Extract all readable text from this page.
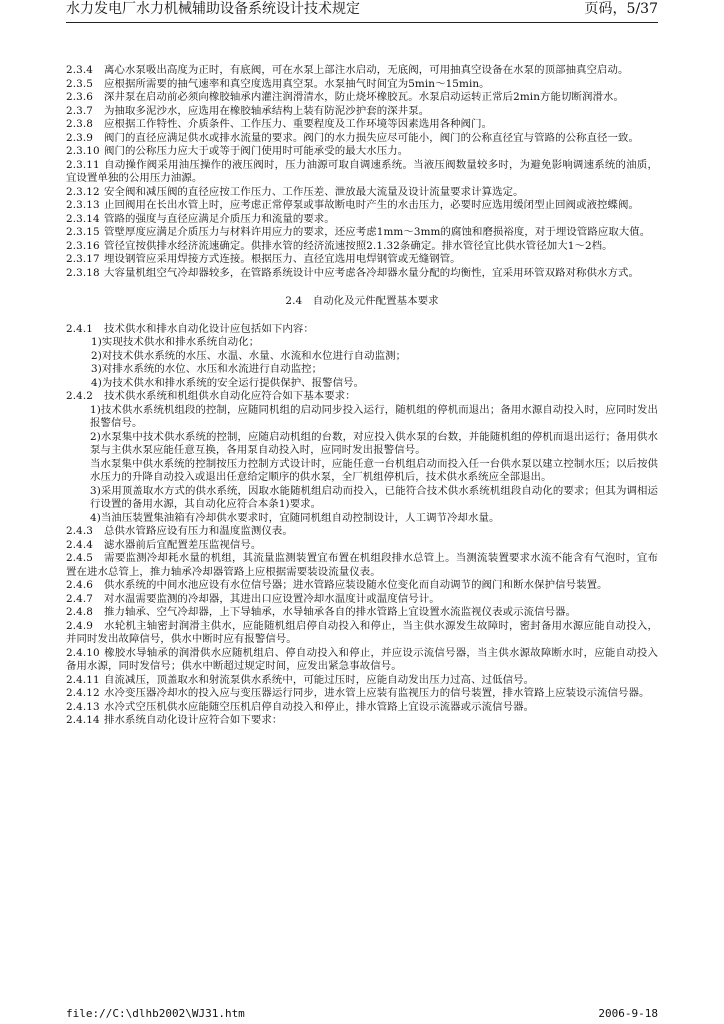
水力发电厂水力机械辅助设备系统设计技术规定	页码，5/37

2.3.4 离心水泵吸出高度为正时，有底阀，可在水泵上部注水启动，无底阀，可用抽真空设备在水泵的顶部抽真空启动。

2.3.5 应根据所需要的抽气速率和真空度选用真空泵。水泵抽气时间宜为5min～15min。

2.3.6 深井泵在启动前必须向橡胶轴承内灌注润滑清水，防止烧坏橡胶瓦。水泵启动运转正常后2min方能切断润滑水。

2.3.7 为抽取多泥沙水，应选用在橡胶轴承结构上装有防泥沙护套的深井泵。

2.3.8 应根据工作特性、介质条件、工作压力、重要程度及工作环境等因素选用各种阀门。

2.3.9 阀门的直径应满足供水或排水流量的要求。阀门的水力损失应尽可能小，阀门的公称直径宜与管路的公称直径一致。

2.3.10 阀门的公称压力应大于或等于阀门使用时可能承受的最大水压力。

2.3.11 自动操作阀采用油压操作的液压阀时，压力油源可取自调速系统。当液压阀数量较多时，为避免影响调速系统的油质，宜设置单独的公用压力油源。

2.3.12 安全阀和减压阀的直径应按工作压力、工作压差、泄放最大流量及设计流量要求计算选定。

2.3.13 止回阀用在长出水管上时，应考虑正常停泵或事故断电时产生的水击压力，必要时应选用缓闭型止回阀或液控蝶阀。

2.3.14 管路的强度与直径应满足介质压力和流量的要求。

2.3.15 管壁厚度应满足介质压力与材料许用应力的要求，还应考虑1mm～3mm的腐蚀和磨损裕度，对于埋设管路应取大值。

2.3.16 管径宜按供排水经济流速确定。供排水管的经济流速按照2.1.32条确定。排水管径宜比供水管径加大1～2档。

2.3.17 埋设钢管应采用焊接方式连接。根据压力、直径宜选用电焊钢管或无缝钢管。

2.3.18 大容量机组空气冷却器较多，在管路系统设计中应考虑各冷却器水量分配的均衡性，宜采用环管双路对称供水方式。

2.4　自动化及元件配置基本要求

2.4.1 技术供水和排水自动化设计应包括如下内容：

1)实现技术供水和排水系统自动化；

2)对技术供水系统的水压、水温、水量、水流和水位进行自动监测；

3)对排水系统的水位、水压和水流进行自动监控；

4)为技术供水和排水系统的安全运行提供保护、报警信号。

2.4.2 技术供水系统和机组供水自动化应符合如下基本要求：

1)技术供水系统机组段的控制，应随同机组的启动同步投入运行，随机组的停机而退出；备用水源自动投入时，应同时发出报警信号。

2)水泵集中技术供水系统的控制，应随启动机组的台数，对应投入供水泵的台数，并能随机组的停机而退出运行；备用供水泵与主供水泵应能任意互换，各用泵自动投入时，应同时发出报警信号。

当水泵集中供水系统的控制按压力控制方式设计时，应能任意一台机组启动而投入任一台供水泵以建立控制水压；以后按供水压力的升降自动投入或退出任意给定顺序的供水泵，全厂机组停机后，技术供水系统应全部退出。

3)采用顶盖取水方式的供水系统，因取水能随机组启动而投入，已能符合技术供水系统机组段自动化的要求；但其为调相运行设置的备用水源，其自动化应符合本条1)要求。

4)当油压装置集油箱有冷却供水要求时，宜随同机组自动控制设计，人工调节冷却水量。

2.4.3 总供水管路应设有压力和温度监测仪表。

2.4.4 滤水器前后宜配置差压监视信号。

2.4.5 需要监测冷却耗水量的机组，其流量监测装置宜布置在机组段排水总管上。当测流装置要求水流不能含有气泡时，宜布置在进水总管上，推力轴承冷却器管路上应根据需要装设流量仪表。

2.4.6 供水系统的中间水池应设有水位信号器；进水管路应装设随水位变化而自动调节的阀门和断水保护信号装置。

2.4.7 对水温需要监测的冷却器，其进出口应设置冷却水温度计或温度信号计。

2.4.8 推力轴承、空气冷却器，上下导轴承，水导轴承各自的排水管路上宜设置水流监视仪表或示流信号器。

2.4.9 水轮机主轴密封润滑主供水，应能随机组启停自动投入和停止，当主供水源发生故障时，密封备用水源应能自动投入，并同时发出故障信号，供水中断时应有报警信号。

2.4.10 橡胶水导轴承的润滑供水应随机组启、停自动投入和停止，并应设示流信号器，当主供水源故障断水时，应能自动投入备用水源，同时发信号；供水中断超过规定时间，应发出紧急事故信号。

2.4.11 自流减压，顶盖取水和射流泵供水系统中，可能过压时，应能自动发出压力过高、过低信号。

2.4.12 水冷变压器冷却水的投入应与变压器运行同步，进水管上应装有监视压力的信号装置，排水管路上应装设示流信号器。

2.4.13 水冷式空压机供水应能随空压机启停自动投入和停止，排水管路上宜设示流器或示流信号器。

2.4.14 排水系统自动化设计应符合如下要求：

file://C:\dlhb2002\WJ31.htm	2006-9-18
